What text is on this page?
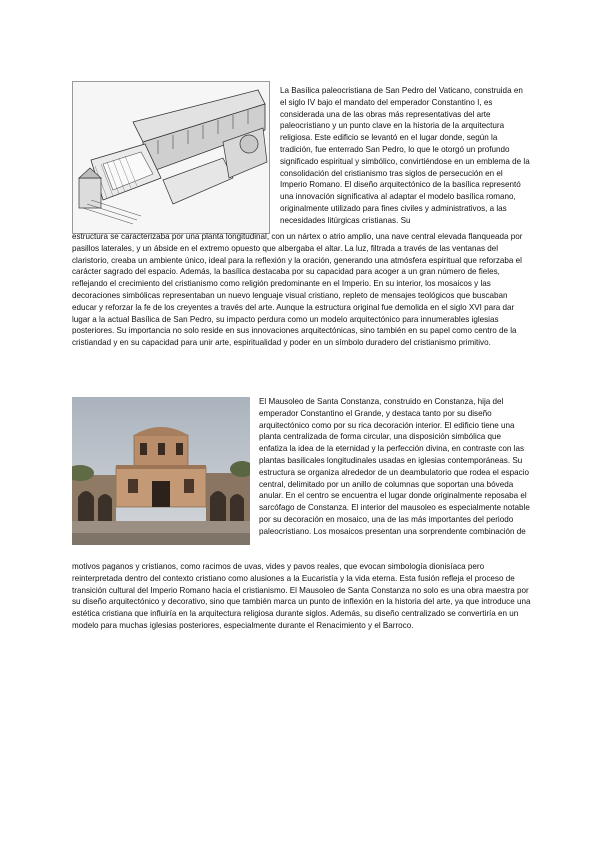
La Basílica paleocristiana de San Pedro del Vaticano, construida en el siglo IV bajo el mandato del emperador Constantino I, es considerada una de las obras más representativas del arte paleocristiano y un punto clave en la historia de la arquitectura religiosa. Este edificio se levantó en el lugar donde, según la tradición, fue enterrado San Pedro, lo que le otorgó un profundo significado espiritual y simbólico, convirtiéndose en un emblema de la consolidación del cristianismo tras siglos de persecución en el Imperio Romano. El diseño arquitectónico de la basílica representó una innovación significativa al adaptar el modelo basílica romano, originalmente utilizado para fines civiles y administrativos, a las necesidades litúrgicas cristianas. Su

estructura se caracterizaba por una planta longitudinal, con un nártex o atrio amplio, una nave central elevada flanqueada por pasillos laterales, y un ábside en el extremo opuesto que albergaba el altar. La luz, filtrada a través de las ventanas del claristorio, creaba un ambiente único, ideal para la reflexión y la oración, generando una atmósfera espiritual que reforzaba el carácter sagrado del espacio. Además, la basílica destacaba por su capacidad para acoger a un gran número de fieles, reflejando el crecimiento del cristianismo como religión predominante en el Imperio. En su interior, los mosaicos y las decoraciones simbólicas representaban un nuevo lenguaje visual cristiano, repleto de mensajes teológicos que buscaban educar y reforzar la fe de los creyentes a través del arte. Aunque la estructura original fue demolida en el siglo XVI para dar lugar a la actual Basílica de San Pedro, su impacto perdura como un modelo arquitectónico para innumerables iglesias posteriores. Su importancia no solo reside en sus innovaciones arquitectónicas, sino también en su papel como centro de la cristiandad y en su capacidad para unir arte, espiritualidad y poder en un símbolo duradero del cristianismo primitivo.

El Mausoleo de Santa Constanza, construido en Constanza, hija del emperador Constantino el Grande, y destaca tanto por su diseño arquitectónico como por su rica decoración interior. El edificio tiene una planta centralizada de forma circular, una disposición simbólica que enfatiza la idea de la eternidad y la perfección divina, en contraste con las plantas basilicales longitudinales usadas en iglesias contemporáneas. Su estructura se organiza alrededor de un deambulatorio que rodea el espacio central, delimitado por un anillo de columnas que soportan una bóveda anular. En el centro se encuentra el lugar donde originalmente reposaba el sarcófago de Constanza. El interior del mausoleo es especialmente notable por su decoración en mosaico, una de las más importantes del periodo paleocristiano. Los mosaicos presentan una sorprendente combinación de

motivos paganos y cristianos, como racimos de uvas, vides y pavos reales, que evocan simbología dionisíaca pero reinterpretada dentro del contexto cristiano como alusiones a la Eucaristía y la vida eterna. Esta fusión refleja el proceso de transición cultural del Imperio Romano hacia el cristianismo. El Mausoleo de Santa Constanza no solo es una obra maestra por su diseño arquitectónico y decorativo, sino que también marca un punto de inflexión en la historia del arte, ya que introduce una estética cristiana que influiría en la arquitectura religiosa durante siglos. Además, su diseño centralizado se convertiría en un modelo para muchas iglesias posteriores, especialmente durante el Renacimiento y el Barroco.
